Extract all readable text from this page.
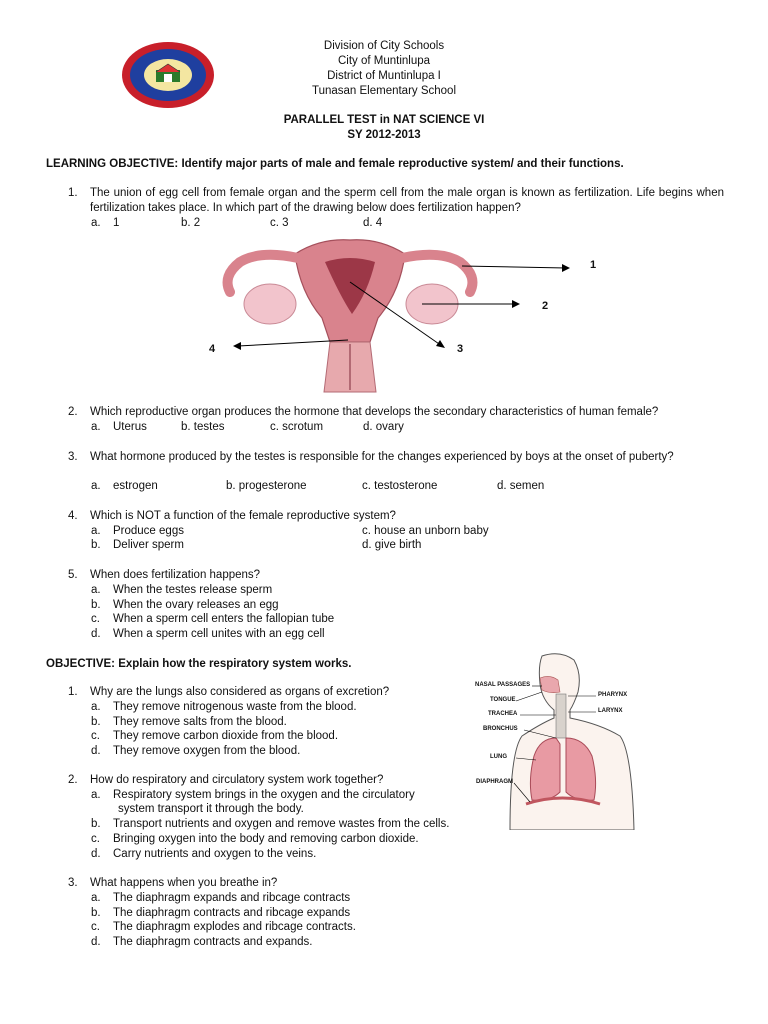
Division of City Schools
City of Muntinlupa
District of Muntinlupa I
Tunasan Elementary School
PARALLEL TEST in NAT SCIENCE VI
SY 2012-2013
LEARNING OBJECTIVE: Identify major parts of male and female reproductive system/ and their functions.
1. The union of egg cell from female organ and the sperm cell from the male organ is known as fertilization. Life begins when fertilization takes place. In which part of the drawing below does fertilization happen?
a. 1	b. 2	c. 3	d. 4
1
2
3
4
2. Which reproductive organ produces the hormone that develops the secondary characteristics of human female?
a. Uterus	b. testes	c. scrotum	d. ovary
3. What hormone produced by the testes is responsible for the changes experienced by boys at the onset of puberty?
a. estrogen	b. progesterone	c. testosterone	d. semen
4. Which is NOT a function of the female reproductive system?
a. Produce eggs
b. Deliver sperm
c. house an unborn baby
d. give birth
5. When does fertilization happens?
a. When the testes release sperm
b. When the ovary releases an egg
c. When a sperm cell enters the fallopian tube
d. When a sperm cell unites with an egg cell
OBJECTIVE: Explain how the respiratory system works.
NASAL PASSAGES
TONGUE
TRACHEA
BRONCHUS
LUNG
DIAPHRAGM
PHARYNX
LARYNX
1. Why are the lungs also considered as organs of excretion?
a. They remove nitrogenous waste from the blood.
b. They remove salts from the blood.
c. They remove carbon dioxide from the blood.
d. They remove oxygen from the blood.
2. How do respiratory and circulatory system work together?
a. Respiratory system brings in the oxygen and the circulatory
system transport it through the body.
b. Transport nutrients and oxygen and remove wastes from the cells.
c. Bringing oxygen into the body and removing carbon dioxide.
d. Carry nutrients and oxygen to the veins.
3. What happens when you breathe in?
a. The diaphragm expands and ribcage contracts
b. The diaphragm contracts and ribcage expands
c. The diaphragm explodes and ribcage contracts.
d. The diaphragm contracts and expands.
